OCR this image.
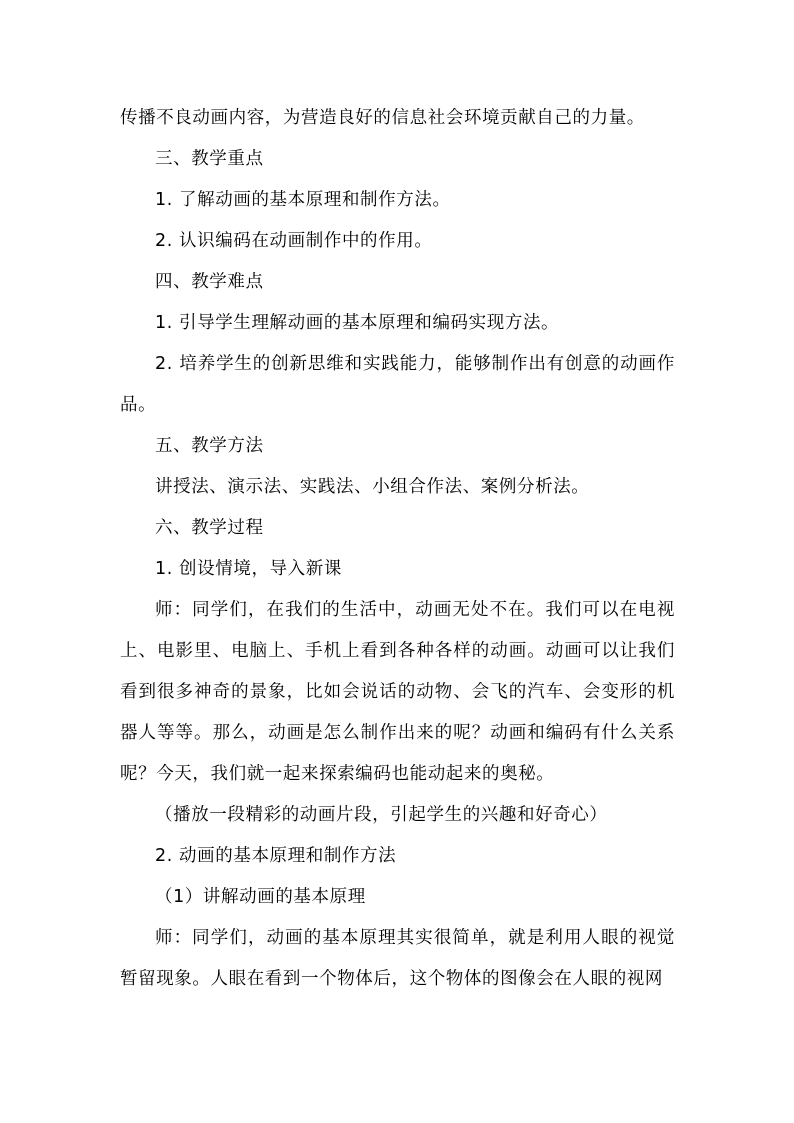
传播不良动画内容，为营造良好的信息社会环境贡献自己的力量。

三、教学重点

1. 了解动画的基本原理和制作方法。

2. 认识编码在动画制作中的作用。

四、教学难点

1. 引导学生理解动画的基本原理和编码实现方法。

2. 培养学生的创新思维和实践能力，能够制作出有创意的动画作品。

五、教学方法

讲授法、演示法、实践法、小组合作法、案例分析法。

六、教学过程

1. 创设情境，导入新课

师：同学们，在我们的生活中，动画无处不在。我们可以在电视上、电影里、电脑上、手机上看到各种各样的动画。动画可以让我们看到很多神奇的景象，比如会说话的动物、会飞的汽车、会变形的机器人等等。那么，动画是怎么制作出来的呢？动画和编码有什么关系呢？今天，我们就一起来探索编码也能动起来的奥秘。

（播放一段精彩的动画片段，引起学生的兴趣和好奇心）

2. 动画的基本原理和制作方法

（1）讲解动画的基本原理

师：同学们，动画的基本原理其实很简单，就是利用人眼的视觉暂留现象。人眼在看到一个物体后，这个物体的图像会在人眼的视网
